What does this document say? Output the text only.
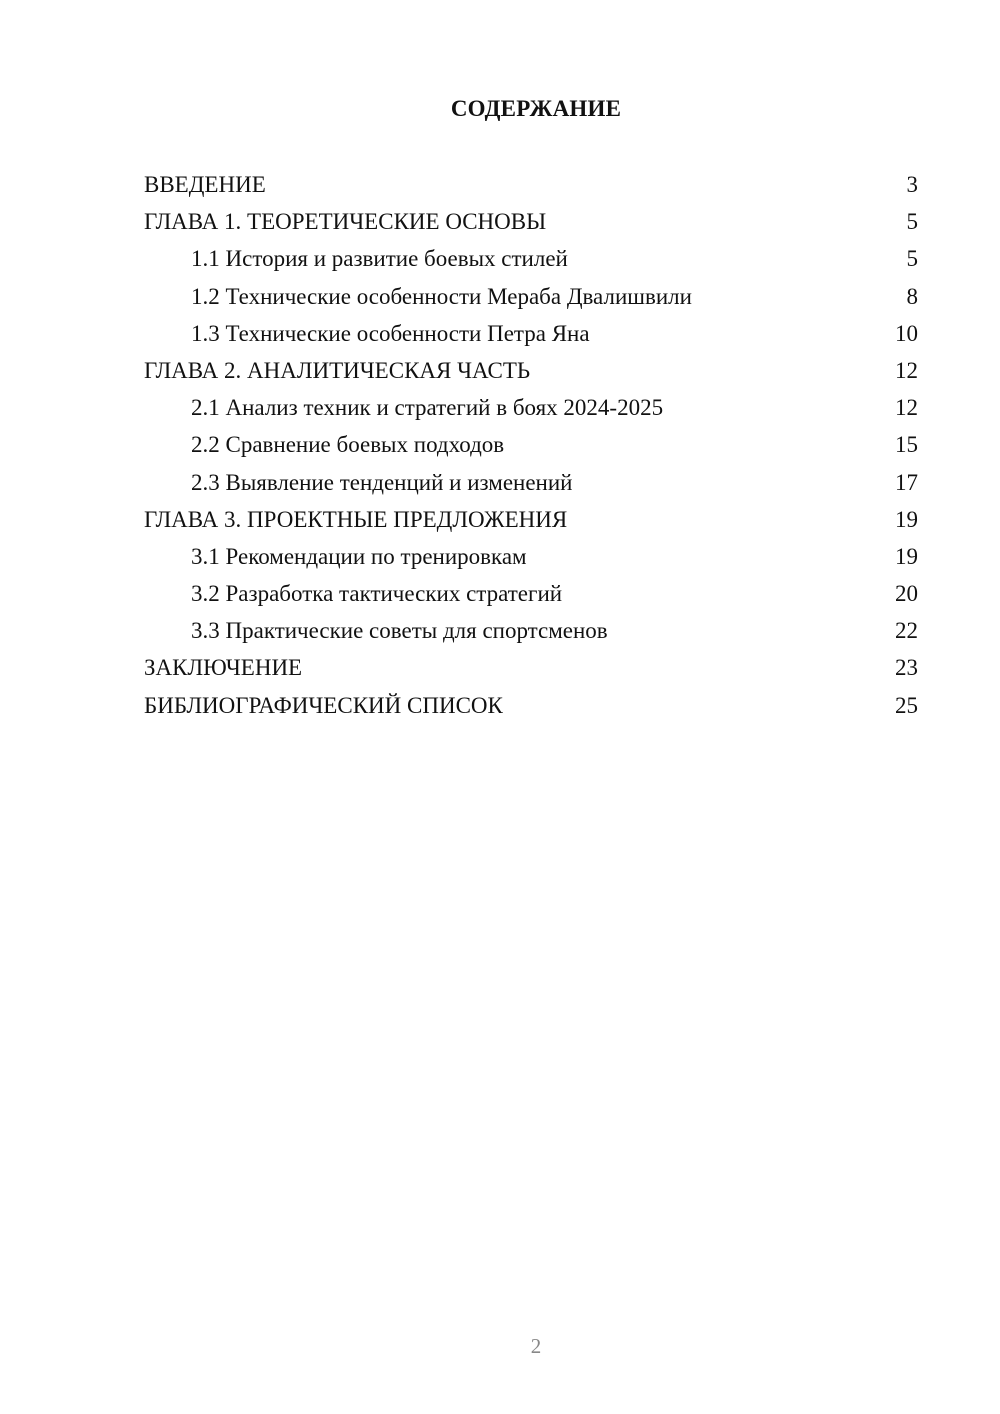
СОДЕРЖАНИЕ
ВВЕДЕНИЕ	3
ГЛАВА 1. ТЕОРЕТИЧЕСКИЕ ОСНОВЫ	5
1.1 История и развитие боевых стилей	5
1.2 Технические особенности Мераба Двалишвили	8
1.3 Технические особенности Петра Яна	10
ГЛАВА 2. АНАЛИТИЧЕСКАЯ ЧАСТЬ	12
2.1 Анализ техник и стратегий в боях 2024-2025	12
2.2 Сравнение боевых подходов	15
2.3 Выявление тенденций и изменений	17
ГЛАВА 3. ПРОЕКТНЫЕ ПРЕДЛОЖЕНИЯ	19
3.1 Рекомендации по тренировкам	19
3.2 Разработка тактических стратегий	20
3.3 Практические советы для спортсменов	22
ЗАКЛЮЧЕНИЕ	23
БИБЛИОГРАФИЧЕСКИЙ СПИСОК	25
2
